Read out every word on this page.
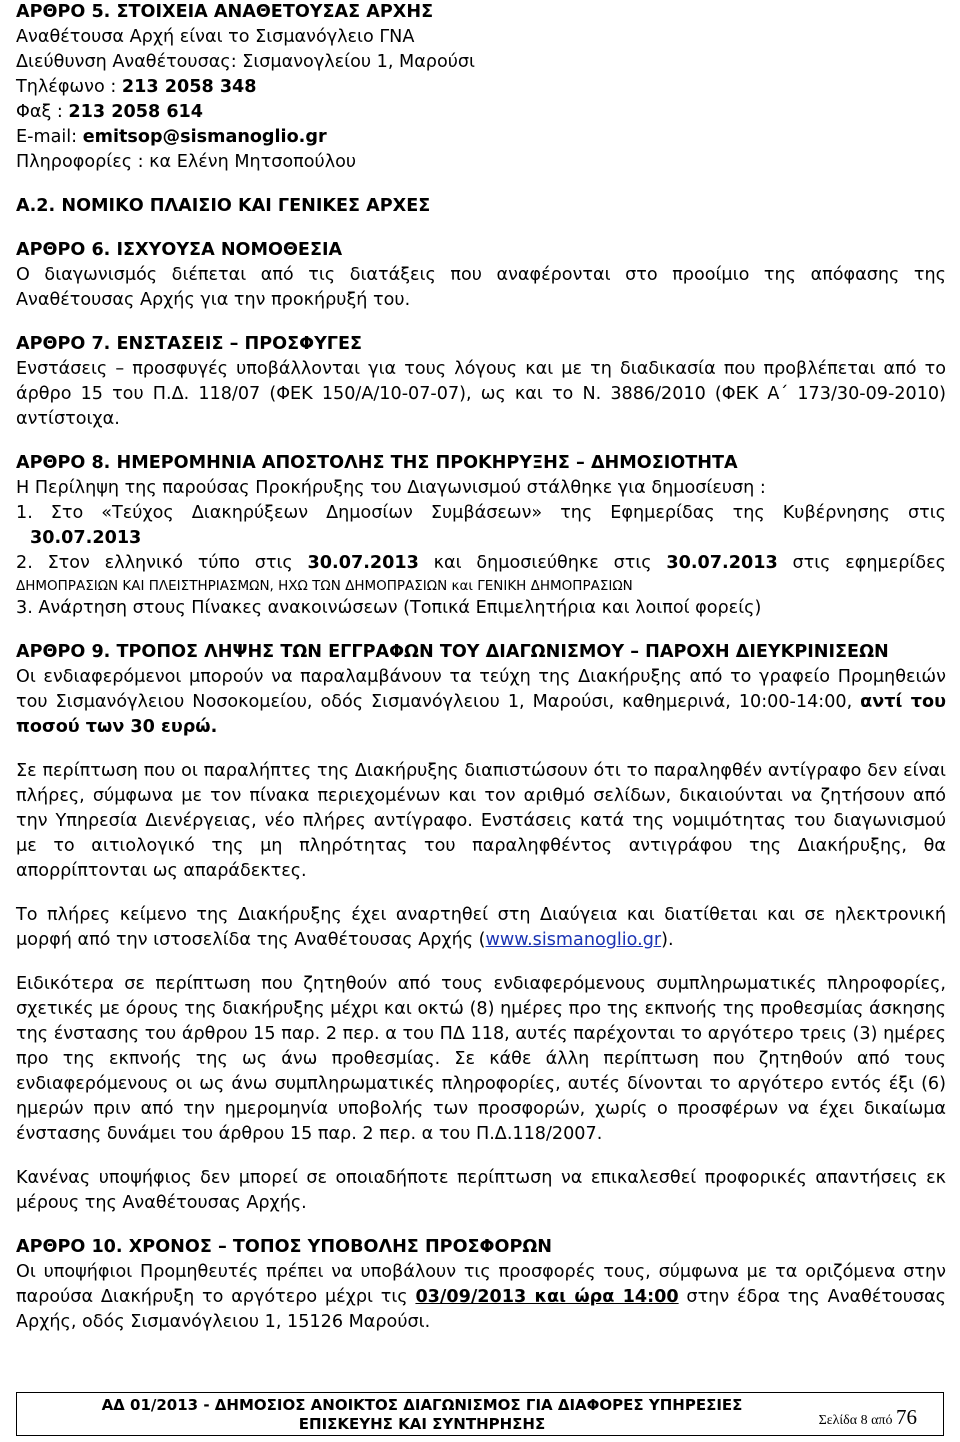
ΑΡΘΡΟ 5. ΣΤΟΙΧΕΙΑ ΑΝΑΘΕΤΟΥΣΑΣ ΑΡΧΗΣ
Αναθέτουσα Αρχή είναι το Σισμανόγλειο ΓΝΑ
Διεύθυνση Αναθέτουσας: Σισμανογλείου 1, Μαρούσι
Τηλέφωνο : 213 2058 348
Φαξ : 213 2058 614
E-mail: emitsop@sismanoglio.gr
Πληροφορίες : κα Ελένη Μητσοπούλου
Α.2. ΝΟΜΙΚΟ ΠΛΑΙΣΙΟ ΚΑΙ ΓΕΝΙΚΕΣ ΑΡΧΕΣ
ΑΡΘΡΟ 6. ΙΣΧΥΟΥΣΑ ΝΟΜΟΘΕΣΙΑ
Ο διαγωνισμός διέπεται από τις διατάξεις που αναφέρονται στο προοίμιο της απόφασης της Αναθέτουσας Αρχής για την προκήρυξή του.
ΑΡΘΡΟ 7. ΕΝΣΤΑΣΕΙΣ – ΠΡΟΣΦΥΓΕΣ
Ενστάσεις – προσφυγές υποβάλλονται για τους λόγους και με τη διαδικασία που προβλέπεται από το άρθρο 15 του Π.Δ. 118/07 (ΦΕΚ 150/Α/10-07-07), ως και το Ν. 3886/2010 (ΦΕΚ Α΄ 173/30-09-2010) αντίστοιχα.
ΑΡΘΡΟ 8. ΗΜΕΡΟΜΗΝΙΑ ΑΠΟΣΤΟΛΗΣ ΤΗΣ ΠΡΟΚΗΡΥΞΗΣ – ΔΗΜΟΣΙΟΤΗΤΑ
Η Περίληψη της παρούσας Προκήρυξης του Διαγωνισμού στάλθηκε για δημοσίευση :
1. Στο «Τεύχος Διακηρύξεων Δημοσίων Συμβάσεων» της Εφημερίδας της Κυβέρνησης στις
30.07.2013
2. Στον ελληνικό τύπο στις 30.07.2013 και δημοσιεύθηκε στις 30.07.2013 στις εφημερίδες
ΔΗΜΟΠΡΑΣΙΩΝ ΚΑΙ ΠΛΕΙΣΤΗΡΙΑΣΜΩΝ, ΗΧΩ ΤΩΝ ΔΗΜΟΠΡΑΣΙΩΝ και ΓΕΝΙΚΗ ΔΗΜΟΠΡΑΣΙΩΝ
3. Ανάρτηση στους Πίνακες ανακοινώσεων (Τοπικά Επιμελητήρια και λοιποί φορείς)
ΑΡΘΡΟ 9. ΤΡΟΠΟΣ ΛΗΨΗΣ ΤΩΝ ΕΓΓΡΑΦΩΝ ΤΟΥ ΔΙΑΓΩΝΙΣΜΟΥ – ΠΑΡΟΧΗ ΔΙΕΥΚΡΙΝΙΣΕΩΝ
Οι ενδιαφερόμενοι μπορούν να παραλαμβάνουν τα τεύχη της Διακήρυξης από το γραφείο Προμηθειών του Σισμανόγλειου Νοσοκομείου, οδός Σισμανόγλειου 1, Μαρούσι, καθημερινά, 10:00-14:00, αντί του ποσού των 30 ευρώ.
Σε περίπτωση που οι παραλήπτες της Διακήρυξης διαπιστώσουν ότι το παραληφθέν αντίγραφο δεν είναι πλήρες, σύμφωνα με τον πίνακα περιεχομένων και τον αριθμό σελίδων, δικαιούνται να ζητήσουν από την Υπηρεσία Διενέργειας, νέο πλήρες αντίγραφο. Ενστάσεις κατά της νομιμότητας του διαγωνισμού με το αιτιολογικό της μη πληρότητας του παραληφθέντος αντιγράφου της Διακήρυξης, θα απορρίπτονται ως απαράδεκτες.
Το πλήρες κείμενο της Διακήρυξης έχει αναρτηθεί στη Διαύγεια και διατίθεται και σε ηλεκτρονική μορφή από την ιστοσελίδα της Αναθέτουσας Αρχής (www.sismanoglio.gr).
Ειδικότερα σε περίπτωση που ζητηθούν από τους ενδιαφερόμενους συμπληρωματικές πληροφορίες, σχετικές με όρους της διακήρυξης μέχρι και οκτώ (8) ημέρες προ της εκπνοής της προθεσμίας άσκησης της ένστασης του άρθρου 15 παρ. 2 περ. α του ΠΔ 118, αυτές παρέχονται το αργότερο τρεις (3) ημέρες προ της εκπνοής της ως άνω προθεσμίας. Σε κάθε άλλη περίπτωση που ζητηθούν από τους ενδιαφερόμενους οι ως άνω συμπληρωματικές πληροφορίες, αυτές δίνονται το αργότερο εντός έξι (6) ημερών πριν από την ημερομηνία υποβολής των προσφορών, χωρίς ο προσφέρων να έχει δικαίωμα ένστασης δυνάμει του άρθρου 15 παρ. 2 περ. α του Π.Δ.118/2007.
Κανένας υποψήφιος δεν μπορεί σε οποιαδήποτε περίπτωση να επικαλεσθεί προφορικές απαντήσεις εκ μέρους της Αναθέτουσας Αρχής.
ΑΡΘΡΟ 10. ΧΡΟΝΟΣ – ΤΟΠΟΣ ΥΠΟΒΟΛΗΣ ΠΡΟΣΦΟΡΩΝ
Οι υποψήφιοι Προμηθευτές πρέπει να υποβάλουν τις προσφορές τους, σύμφωνα με τα οριζόμενα στην παρούσα Διακήρυξη το αργότερο μέχρι τις 03/09/2013 και ώρα 14:00 στην έδρα της Αναθέτουσας Αρχής, οδός Σισμανόγλειου 1, 15126 Μαρούσι.
ΑΔ 01/2013 - ΔΗΜΟΣΙΟΣ ΑΝΟΙΚΤΟΣ ΔΙΑΓΩΝΙΣΜΟΣ ΓΙΑ ΔΙΑΦΟΡΕΣ ΥΠΗΡΕΣΙΕΣ
ΕΠΙΣΚΕΥΗΣ ΚΑΙ ΣΥΝΤΗΡΗΣΗΣ	Σελίδα 8 από 76
